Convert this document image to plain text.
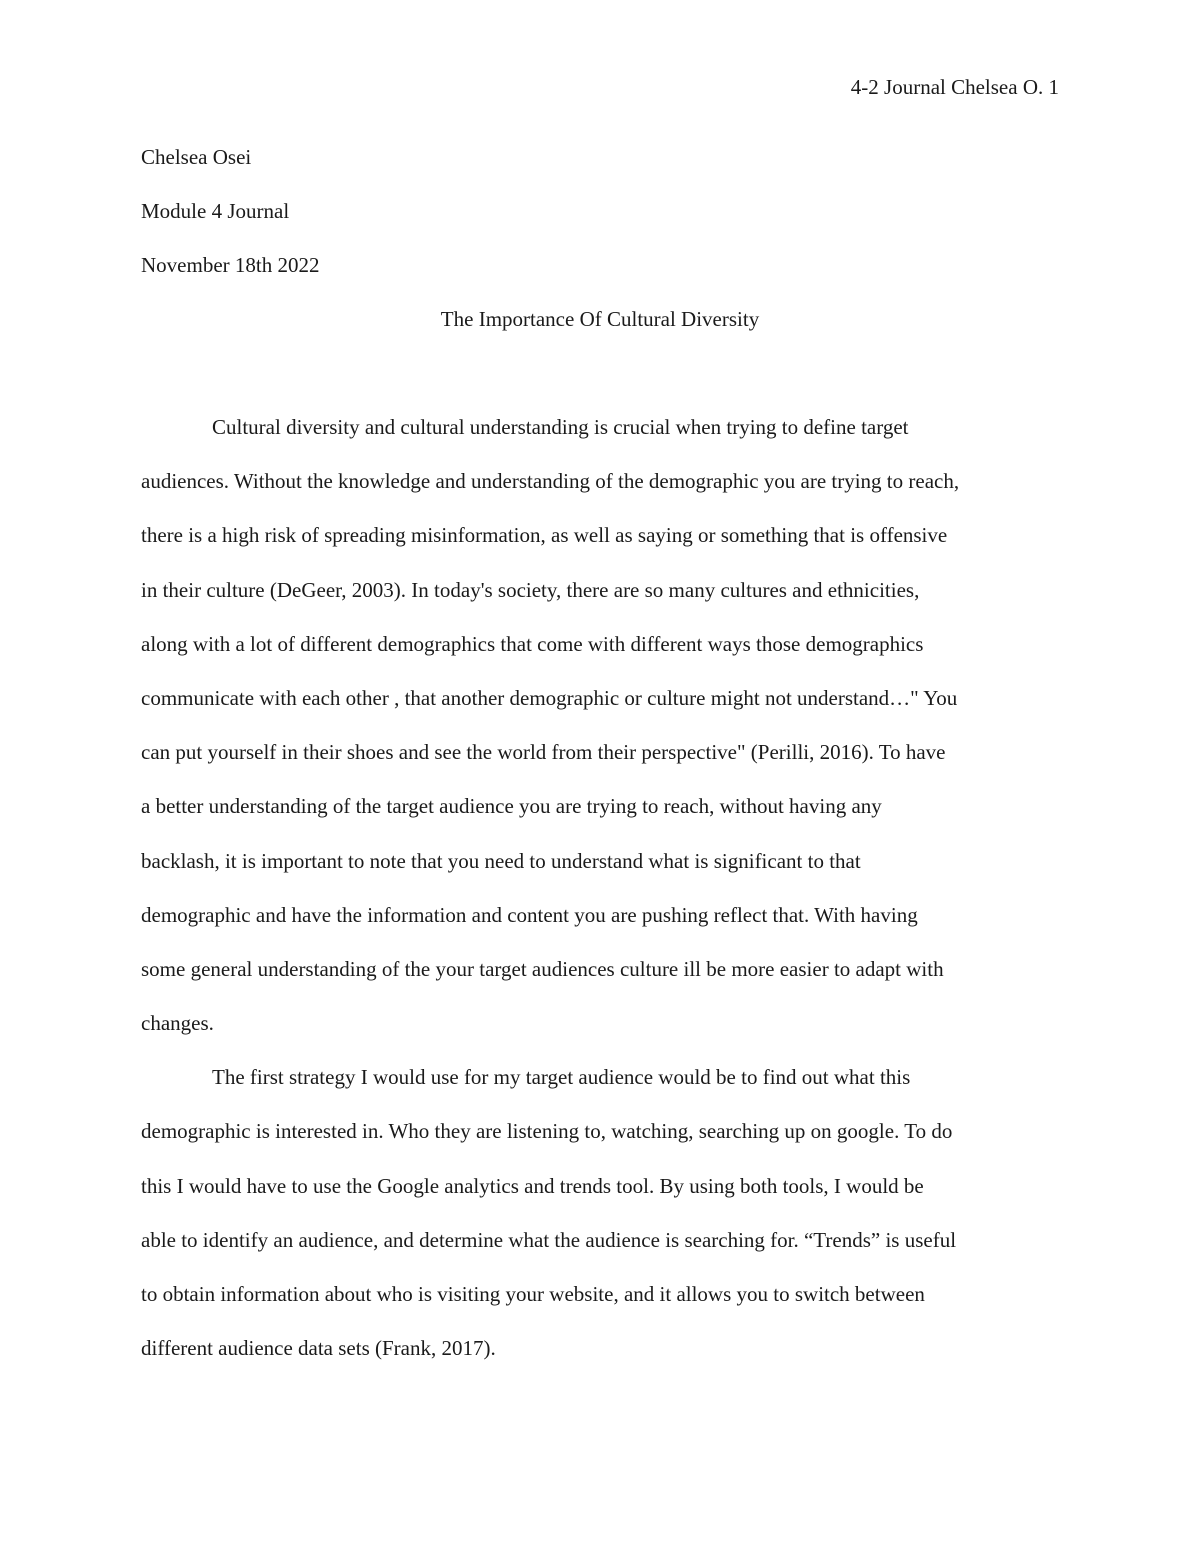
4-2 Journal Chelsea O. 1
Chelsea Osei
Module 4 Journal
November 18th 2022
The Importance Of Cultural Diversity
Cultural diversity and cultural understanding is crucial when trying to define target
audiences. Without the knowledge and understanding of the demographic you are trying to reach,
there is a high risk of spreading misinformation, as well as saying or something that is offensive
in their culture (DeGeer, 2003). In today's society, there are so many cultures and ethnicities,
along with a lot of different demographics that come with different ways those demographics
communicate with each other , that another demographic or culture might not understand…" You
can put yourself in their shoes and see the world from their perspective" (Perilli, 2016). To have
a better understanding of the target audience you are trying to reach, without having any
backlash, it is important to note that you need to understand what is significant to that
demographic and have the information and content you are pushing reflect that. With having
some general understanding of the your target audiences culture ill be more easier to adapt with
changes.
The first strategy I would use for my target audience would be to find out what this
demographic is interested in. Who they are listening to, watching, searching up on google. To do
this I would have to use the Google analytics and trends tool. By using both tools, I would be
able to identify an audience, and determine what the audience is searching for. “Trends” is useful
to obtain information about who is visiting your website, and it allows you to switch between
different audience data sets (Frank, 2017).
